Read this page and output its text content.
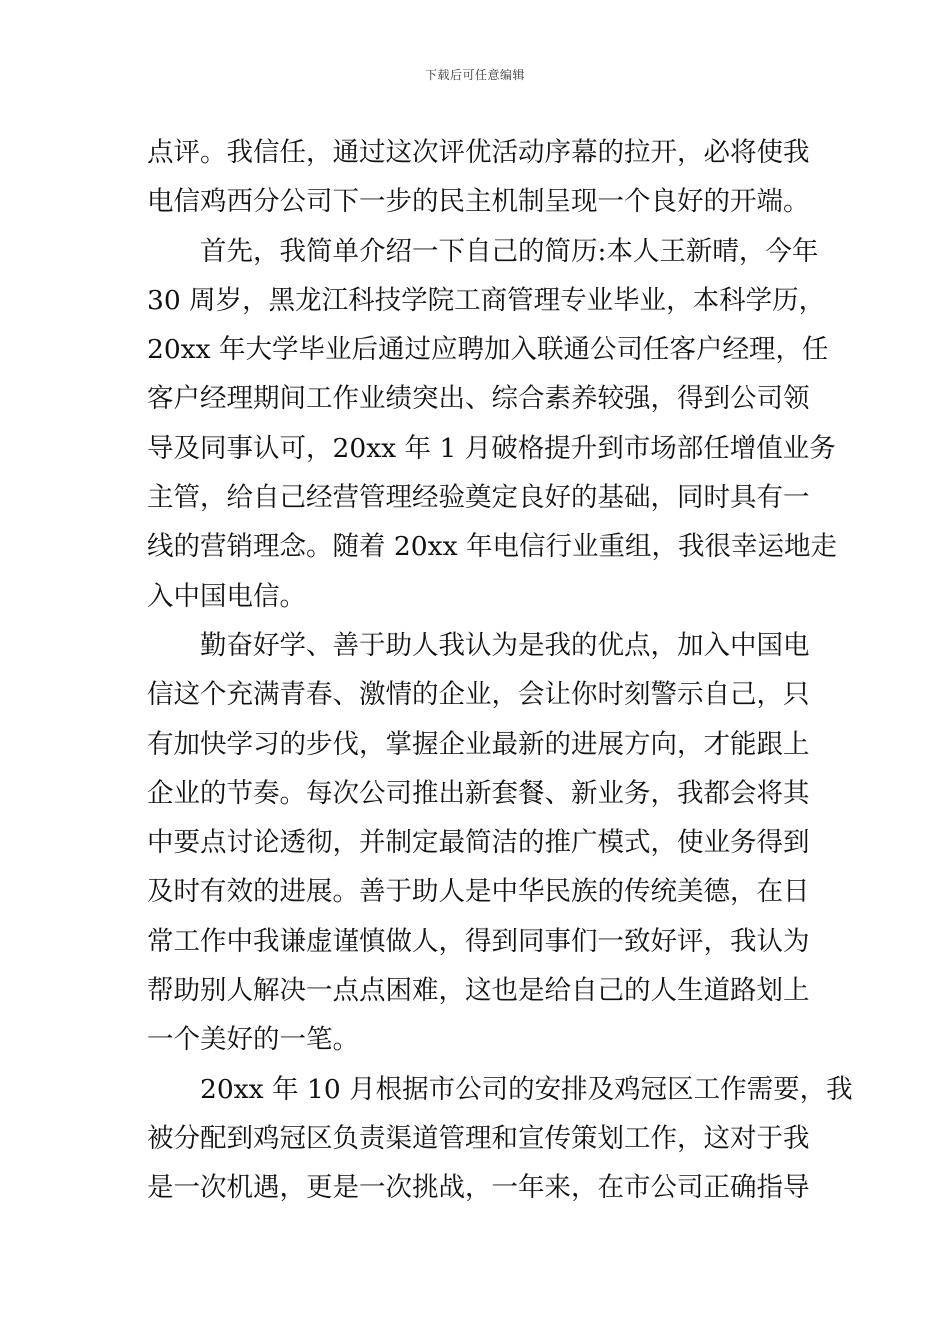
下载后可任意编辑
点评。我信任，通过这次评优活动序幕的拉开，必将使我
电信鸡西分公司下一步的民主机制呈现一个良好的开端。
　　首先，我简单介绍一下自己的简历:本人王新晴，今年
30 周岁，黑龙江科技学院工商管理专业毕业，本科学历，
20xx 年大学毕业后通过应聘加入联通公司任客户经理，任
客户经理期间工作业绩突出、综合素养较强，得到公司领
导及同事认可，20xx 年 1 月破格提升到市场部任增值业务
主管，给自己经营管理经验奠定良好的基础，同时具有一
线的营销理念。随着 20xx 年电信行业重组，我很幸运地走
入中国电信。
　　勤奋好学、善于助人我认为是我的优点，加入中国电
信这个充满青春、激情的企业，会让你时刻警示自己，只
有加快学习的步伐，掌握企业最新的进展方向，才能跟上
企业的节奏。每次公司推出新套餐、新业务，我都会将其
中要点讨论透彻，并制定最简洁的推广模式，使业务得到
及时有效的进展。善于助人是中华民族的传统美德，在日
常工作中我谦虚谨慎做人，得到同事们一致好评，我认为
帮助别人解决一点点困难，这也是给自己的人生道路划上
一个美好的一笔。
　　20xx 年 10 月根据市公司的安排及鸡冠区工作需要，我
被分配到鸡冠区负责渠道管理和宣传策划工作，这对于我
是一次机遇，更是一次挑战，一年来，在市公司正确指导
